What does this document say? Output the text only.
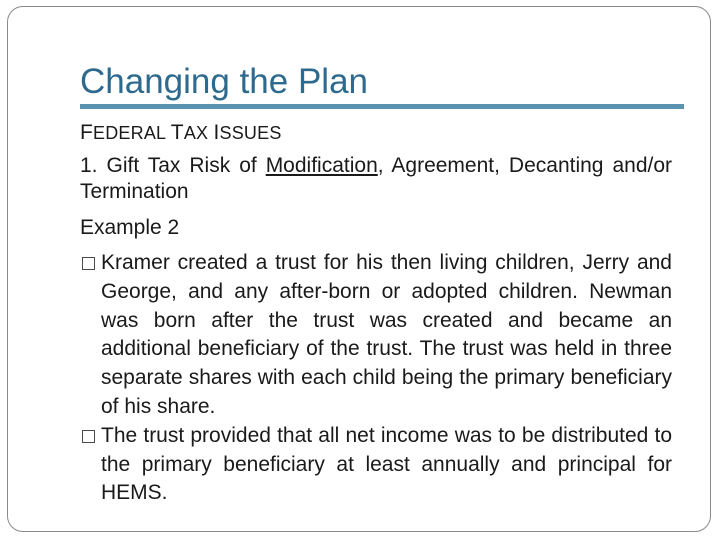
Changing the Plan

FEDERAL TAX ISSUES

1. Gift Tax Risk of Modification, Agreement, Decanting and/or Termination

Example 2

Kramer created a trust for his then living children, Jerry and George, and any after-born or adopted children. Newman was born after the trust was created and became an additional beneficiary of the trust. The trust was held in three separate shares with each child being the primary beneficiary of his share.
The trust provided that all net income was to be distributed to the primary beneficiary at least annually and principal for HEMS.
